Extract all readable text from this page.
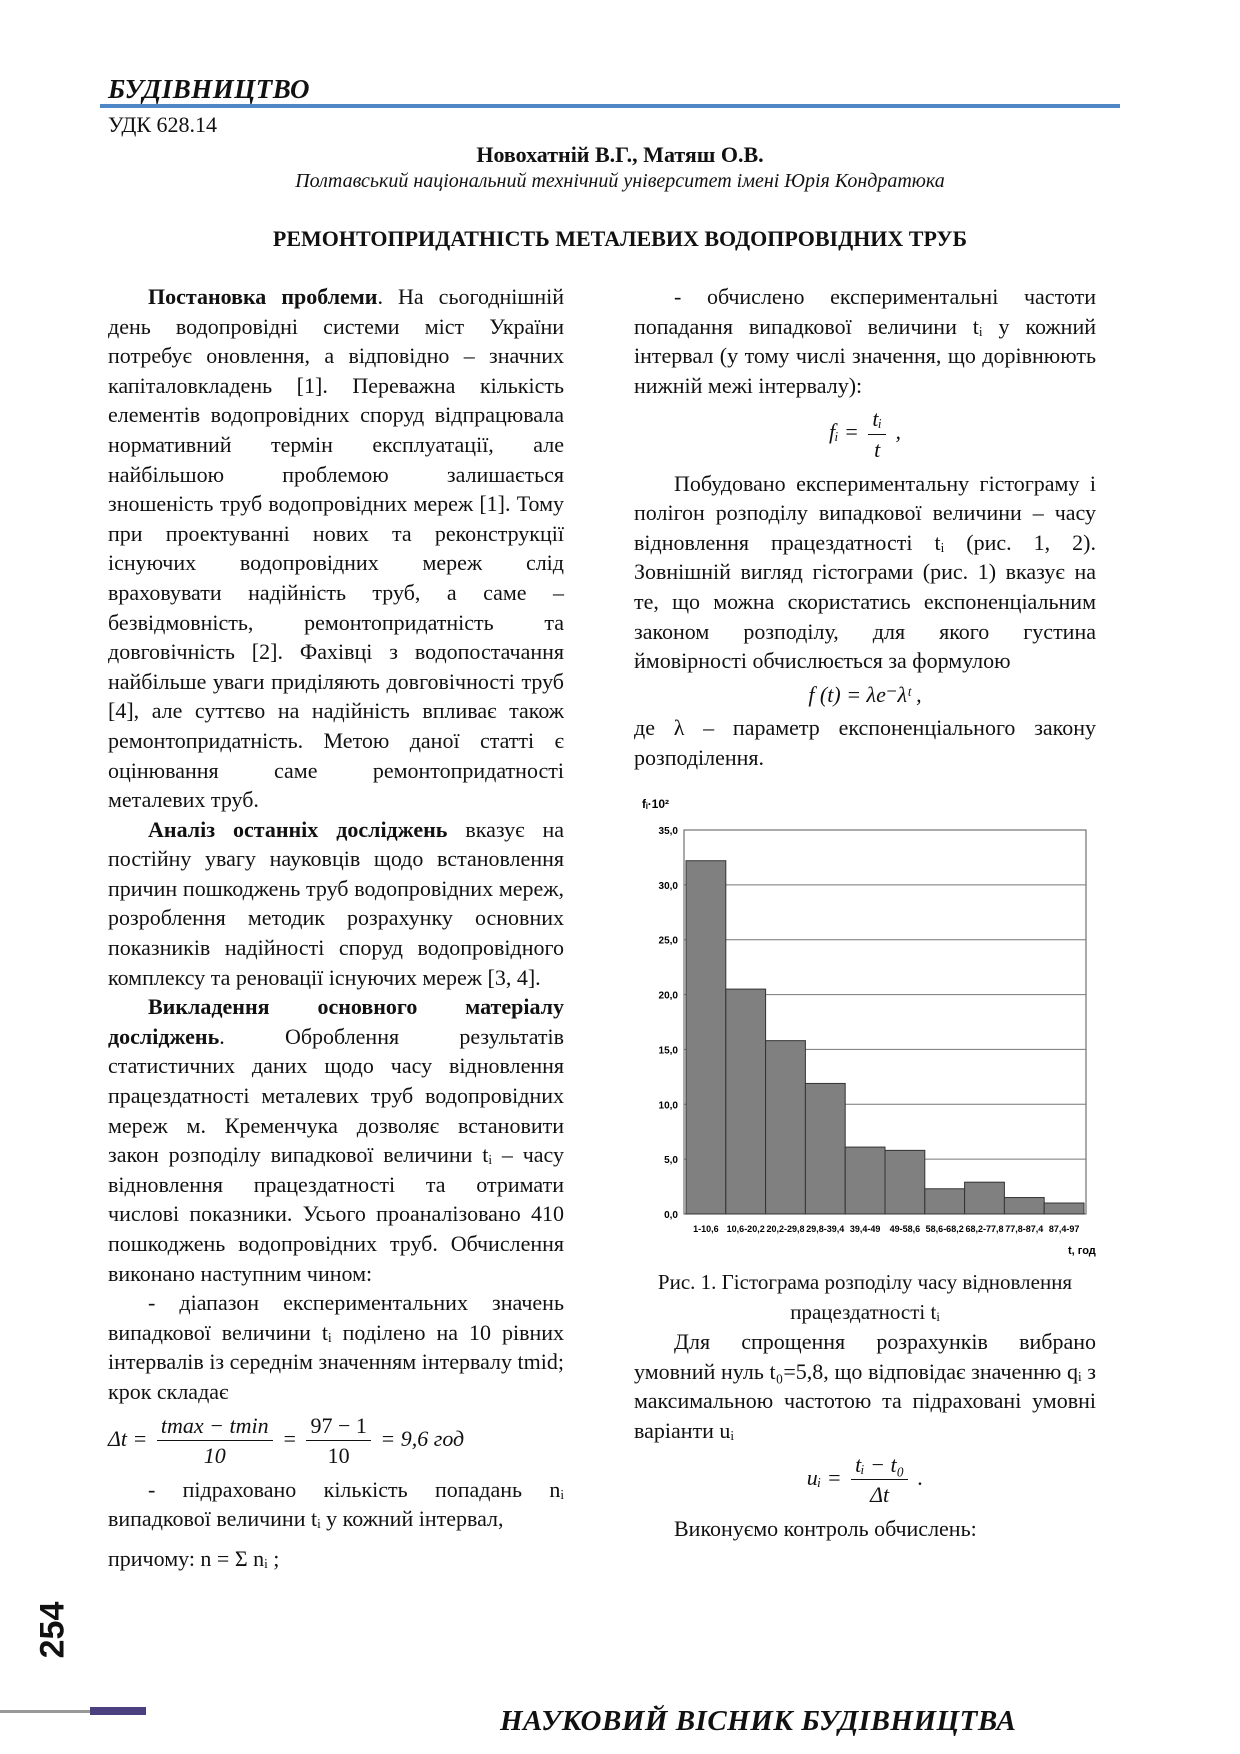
БУДІВНИЦТВО
УДК 628.14
Новохатній В.Г., Матяш О.В.
Полтавський національний технічний університет імені Юрія Кондратюка
РЕМОНТОПРИДАТНІСТЬ МЕТАЛЕВИХ ВОДОПРОВІДНИХ ТРУБ

Постановка проблеми. На сьогоднішній день водопровідні системи міст України потребує оновлення, а відповідно – значних капіталовкладень [1]. Переважна кількість елементів водопровідних споруд відпрацювала нормативний термін експлуатації, але найбільшою проблемою залишається зношеність труб водопровідних мереж [1]. Тому при проектуванні нових та реконструкції існуючих водопровідних мереж слід враховувати надійність труб, а саме – безвідмовність, ремонтопридатність та довговічність [2]. Фахівці з водопостачання найбільше уваги приділяють довговічності труб [4], але суттєво на надійність впливає також ремонтопридатність. Метою даної статті є оцінювання саме ремонтопридатності металевих труб.

Аналіз останніх досліджень вказує на постійну увагу науковців щодо встановлення причин пошкоджень труб водопровідних мереж, розроблення методик розрахунку основних показників надійності споруд водопровідного комплексу та реновації існуючих мереж [3, 4].

Викладення основного матеріалу досліджень. Оброблення результатів статистичних даних щодо часу відновлення працездатності металевих труб водопровідних мереж м. Кременчука дозволяє встановити закон розподілу випадкової величини tᵢ – часу відновлення працездатності та отримати числові показники. Усього проаналізовано 410 пошкоджень водопровідних труб. Обчислення виконано наступним чином:

- діапазон експериментальних значень випадкової величини tᵢ поділено на 10 рівних інтервалів із середнім значенням інтервалу tmid; крок складає

$\Delta t = \frac{tmax - tmin}{10} = \frac{97 - 1}{10} = 9,6$ год

- підраховано кількість попадань nᵢ випадкової величини tᵢ у кожний інтервал,

причому: n = Σ nᵢ ;

- обчислено експериментальні частоти попадання випадкової величини tᵢ у кожний інтервал (у тому числі значення, що дорівнюють нижній межі інтервалу):

fᵢ = $\frac{\text{tᵢ}}{t}$ ,

Побудовано експериментальну гістограму і полігон розподілу випадкової величини – часу відновлення працездатності tᵢ (рис. 1, 2). Зовнішній вигляд гістограми (рис. 1) вказує на те, що можна скористатись експоненціальним законом розподілу, для якого густина ймовірності обчислюється за формулою

f (t) = λe⁻λᵗ ,

де λ – параметр експоненціального закону розподілення.

0,0
5,0
10,0
15,0
20,0
25,0
30,0
35,0
1-10,6 10,6-20,2 20,2-29,8 29,8-39,4 39,4-49 49-58,6 58,6-68,2 68,2-77,8 77,8-87,4 87,4-97
fᵢ·10²
t, год

Рис. 1. Гістограма розподілу часу відновлення працездатності tᵢ

Для спрощення розрахунків вибрано умовний нуль t₀=5,8, що відповідає значенню qᵢ з максимальною частотою та підраховані умовні варіанти uᵢ

uᵢ = $\frac{\text{tᵢ − t₀}}{\Delta t}$ .

Виконуємо контроль обчислень:

254
НАУКОВИЙ ВІСНИК БУДІВНИЦТВА
